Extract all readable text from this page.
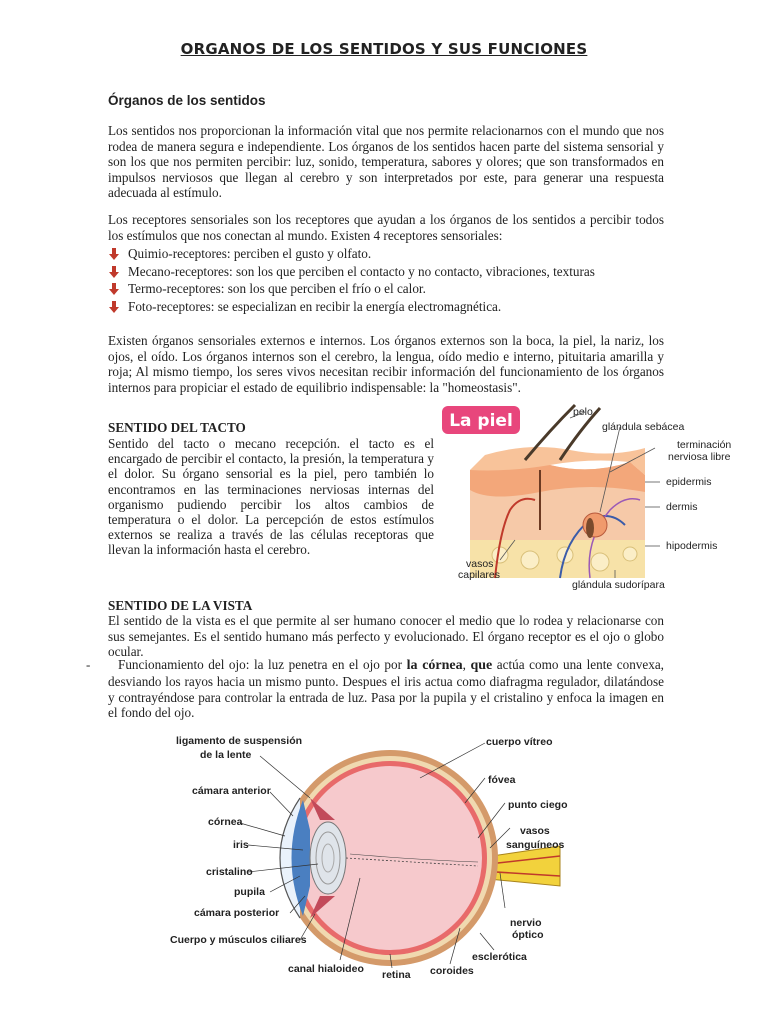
ORGANOS DE LOS SENTIDOS Y SUS FUNCIONES
Órganos de los sentidos
Los sentidos nos proporcionan la información vital que nos permite relacionarnos con el mundo que nos rodea de manera segura e independiente. Los órganos de los sentidos hacen parte del sistema sensorial y son los que nos permiten percibir: luz, sonido, temperatura, sabores y olores; que son transformados en impulsos nerviosos que llegan al cerebro y son interpretados por este, para generar una respuesta adecuada al estímulo.
Los receptores sensoriales son los receptores que ayudan a los órganos de los sentidos a percibir todos los estímulos que nos conectan al mundo. Existen 4 receptores sensoriales:
Quimio-receptores: perciben el gusto y olfato.
Mecano-receptores: son los que perciben el contacto y no contacto, vibraciones, texturas
Termo-receptores: son los que perciben el frío o el calor.
Foto-receptores: se especializan en recibir la energía electromagnética.
Existen órganos sensoriales externos e internos. Los órganos externos son la boca, la piel, la nariz, los ojos, el oído. Los órganos internos son el cerebro, la lengua, oído medio e interno, pituitaria amarilla y roja; Al mismo tiempo, los seres vivos necesitan recibir información del funcionamiento de los órganos internos para propiciar el estado de equilibrio indispensable: la "homeostasis".
SENTIDO DEL TACTO
Sentido del tacto o mecano recepción. el tacto es el encargado de percibir el contacto, la presión, la temperatura y el dolor. Su órgano sensorial es la piel, pero también lo encontramos en las terminaciones nerviosas internas del organismo pudiendo percibir los altos cambios de temperatura o el dolor. La percepción de estos estímulos externos se realiza a través de las células receptoras que llevan la información hasta el cerebro.
La piel	pelo
glándula sebácea
terminación
nerviosa libre
epidermis
dermis
hipodermis
vasos
capilares
glándula sudorípara
SENTIDO DE LA VISTA
El sentido de la vista es el que permite al ser humano conocer el medio que lo rodea y relacionarse con sus semejantes. Es el sentido humano más perfecto y evolucionado. El órgano receptor es el ojo o globo ocular.
-	Funcionamiento del ojo: la luz penetra en el ojo por la córnea, que actúa como una lente convexa, desviando los rayos hacia un mismo punto. Despues el iris actua como diafragma regulador, dilatándose y contrayéndose para controlar la entrada de luz. Pasa por la pupila y el cristalino y enfoca la imagen en el fondo del ojo.
ligamento de suspensión
de la lente
cámara anterior
córnea
iris
cristalino
pupila
cámara posterior
Cuerpo y músculos ciliares
canal hialoideo retina coroides
esclerótica
nervio
óptico
vasos
sanguíneos
punto ciego
fóvea
cuerpo vítreo
